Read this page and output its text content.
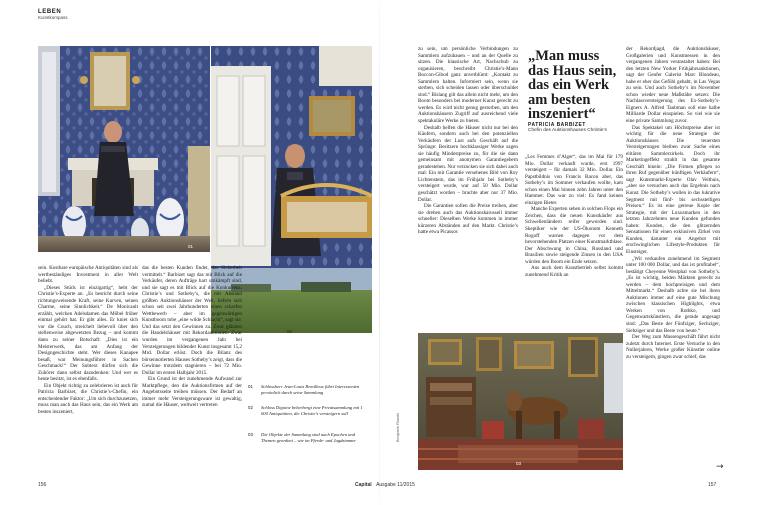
LEBEN
Kunstkompass
01
02

sein. Kostbare europäische Antiquitäten sind als wertbeständiges Investment in aller Welt beliebt.

„Dieses Stück ist einzigartig“, hebt der Christie’s-Experte an. „Es besticht durch seine richtungsweisende Kraft, seine Kurven, seinen Charme, seine Sinnlichkeit.“ De Monicault erzählt, welchen Adelsdamen das Möbel früher einmal gehört hat. Er gibt alles. Er kniet sich vor die Couch, streichelt liebevoll über den stellenweise abgewetzten Bezug – und kommt dann zu seiner Botschaft: „Dies ist ein Meisterwerk, das am Anfang der Designgeschichte steht. Wer dieses Kanapee besaß, war Meinungsführer in Sachen Geschmack!“ Der Subtext dürfen sich die Zuhörer dann selbst dazudenken: Und wer es heute besitzt, ist es ebenfalls.

Ein Objekt richtig zu zelebrieren ist auch für Patricia Barbizet, die Christie’s-Chefin, ein entscheidender Faktor: „Um sich durchzusetzen, muss man auch das Haus sein, das ein Werk am besten inszeniert,

das die besten Kunden findet, das Sicherheit vermittelt.“ Barbizet sagt das mit Blick auf die Verkäufer, deren Aufträge hart umkämpft sind, und sie sagt es mit Blick auf die Konkurrenz. Christie’s und Sotheby’s, die mit Abstand größten Auktionshäuser der Welt, liefern sich schon seit zwei Jahrhunderten einen scharfen Wettbewerb – aber im gegenwärtigen Kunstboom tobe „eine wilde Schlacht“, sagt sie. Und das setzt den Gewinnen zu. Zwar glänzen die Handelshäuser mit Rekordauktionen. Zwar wurden im vergangenen Jahr bei Versteigerungen bildender Kunst insgesamt 15,2 Mrd. Dollar erlöst. Doch die Bilanz des börsennotierten Hauses Sotheby’s zeigt, dass die Gewinne trotzdem stagnieren – bei 72 Mio. Dollar im ersten Halbjahr 2015.

Ein Grund ist der zunehmende Aufwand zur Marktpflege, den die Auktionsfirmen auf der Angebotsseite treiben müssen. Der Bedarf an immer mehr Versteigerungsware ist gewaltig, zumal die Häuser, weltweit vertreten

01	Schlossherr Jean-Louis Remilleux führt Interessenten persönlich durch seine Sammlung
02	Schloss Digoine beherbergt eine Privatsammlung mit 1 000 Antiquitäten, die Christie’s versteigern soll
03	Die Objekte der Sammlung sind nach Epochen und Themen geordnet – wie im Pferde- und Jagdzimmer	Benjamin Filarski

zu sein, um persönliche Verbindungen zu Sammlern aufzubauen – und an der Quelle zu sitzen. Die klassische Art, Nachschub zu organisieren, beschreibt Christie’s-Mann Boccon-Gibod ganz unverblümt: „Kontakt zu Sammlern halten. Informiert sein, wenn sie sterben, sich scheiden lassen oder überschuldet sind.“ Bislang gilt das allein nicht mehr, um den Boom besonders bei moderner Kunst gerecht zu werden. Es wird nicht genug gestorben, um den Auktionshäusern Zugriff auf ausreichend viele spektakuläre Werke zu bieten.

Deshalb helfen die Häuser nicht nur bei den Käufern, sondern auch bei den potenziellen Verkäufern der Lust aufs Geschäft auf die Sprünge: Besitzern hochklassiger Werke sagen sie häufig Mindestpreise zu, für die sie dann gemeinsam mit anonymen Garantiegebern geradestehen. Nur verzocken sie sich dabei auch mal: Ein mit Garantie versehenes Bild von Roy Lichtenstein, das im Frühjahr bei Sotheby’s versteigert wurde, war auf 50 Mio. Dollar geschätzt worden – brachte aber nur 37 Mio. Dollar.

Die Garantien sollen die Preise treiben, aber sie drehen auch das Auktionskarussell immer schneller: Dieselben Werke kommen in immer kürzeren Abständen auf den Markt. Christie’s hatte etwa Picassos

„Man muss das Haus sein, das ein Werk am besten inszeniert“
PATRICIA BARBIZET
Chefin des Auktionshauses Christie’s

„Les Femmes d’Alger“, das im Mai für 179 Mio. Dollar verkauft wurde, erst 1997 versteigert – für damals 32 Mio. Dollar. Ein Papstbildnis von Francis Bacon aber, das Sotheby’s im Sommer verkaufen wollte, kam schon einen Mai binnen zehn Jahren unter den Hammer. Das war zu viel: Es fand keinen einzigen Bieter.

Manche Experten sehen in solchen Flops ein Zeichen, dass die neuen Kunstkäufer aus Schwellenländern reifer geworden sind. Skeptiker wie der US-Ökonom Kenneth Rogoff warnen dagegen vor dem bevorstehenden Platzen einer Kunstmarktblase. Der Abschwung in China, Russland und Brasilien sowie steigende Zinsen in den USA würden den Boom ein Ende setzen.

Aus auch dem Kunstbetrieb selbst kommt zunehmend Kritik an

03

der Rekordjagd, die Auktionshäuser, Großgalerien und Kunstmessen in den vergangenen Jahren veranstaltet haben: Bei den letzten New Yorker Frühjahrsauktionen, sagt der Genfer Galerist Marc Blondeau, habe er eher das Gefühl gehabt, in Las Vegas zu sein. Und auch Sotheby’s im November schon wieder neue Maßstäbe setzen: Die Nachlassversteigerung des Ex-Sotheby’s-Eigners A. Alfred Taubman soll eine halbe Milliarde Dollar einspielen. So viel wie sie eine private Sammlung zuvor.

Das Spektakel um Höchstpreise aber ist wichtig für die neue Strategie der Auktionshäuser. Die teuersten Versteigerungen bleiben zwar Sache eines elitären Sammlerzirkels. Doch ihr Marketingeffekt strahlt in das gesamte Geschäft hinein: „Die Firmen pflegen so ihren Ruf gegenüber künftigen Verkäufern“, sagt Kunstmarkt-Experte Olav Velthuis, „aber sie versuchen auch das Ergebnis nach Kunst. Die Sotheby’s wollen in das lukrative Segment mit fünf- bis sechsstelligen Preisen.“ Es ist eine getreue Kopie der Strategie, mit der Luxusmarken in den letzten Jahrzehnten neue Kunden gefunden haben: Kunden, die den glitzernden Sensationen für einen exklusiven Zirkel von Kunden, darunter ein Angebot mit erschwinglichen Lifestyle-Produkten für Einsteiger.

„Wir verkaufen zunehmend im Segment unter 100 000 Dollar, und das ist profitabel“, bestätigt Cheyenne Westphal von Sotheby’s. „Es ist wichtig, beiden Märkten gerecht zu werden – dem hochpreisigen und dem Mittelmarkt.“ Deshalb achte sie bei ihren Auktionen immer auf eine gute Mischung zwischen klassischen Highlights, etwa Werken von Rothko, und Gegenwartskünstlern, die gerade angesagt sind: „Das Beste der Fünfziger, Sechziger, Siebziger und das Beste von heute.“

Der Weg zum Massengeschäft führt nicht zuletzt durch Internet. Erste Versuche in den Nullerjahren, Werke großer Künstler online zu versteigern, gingen zwar schief, das

→
156	Capital Ausgabe 11/2015	157
